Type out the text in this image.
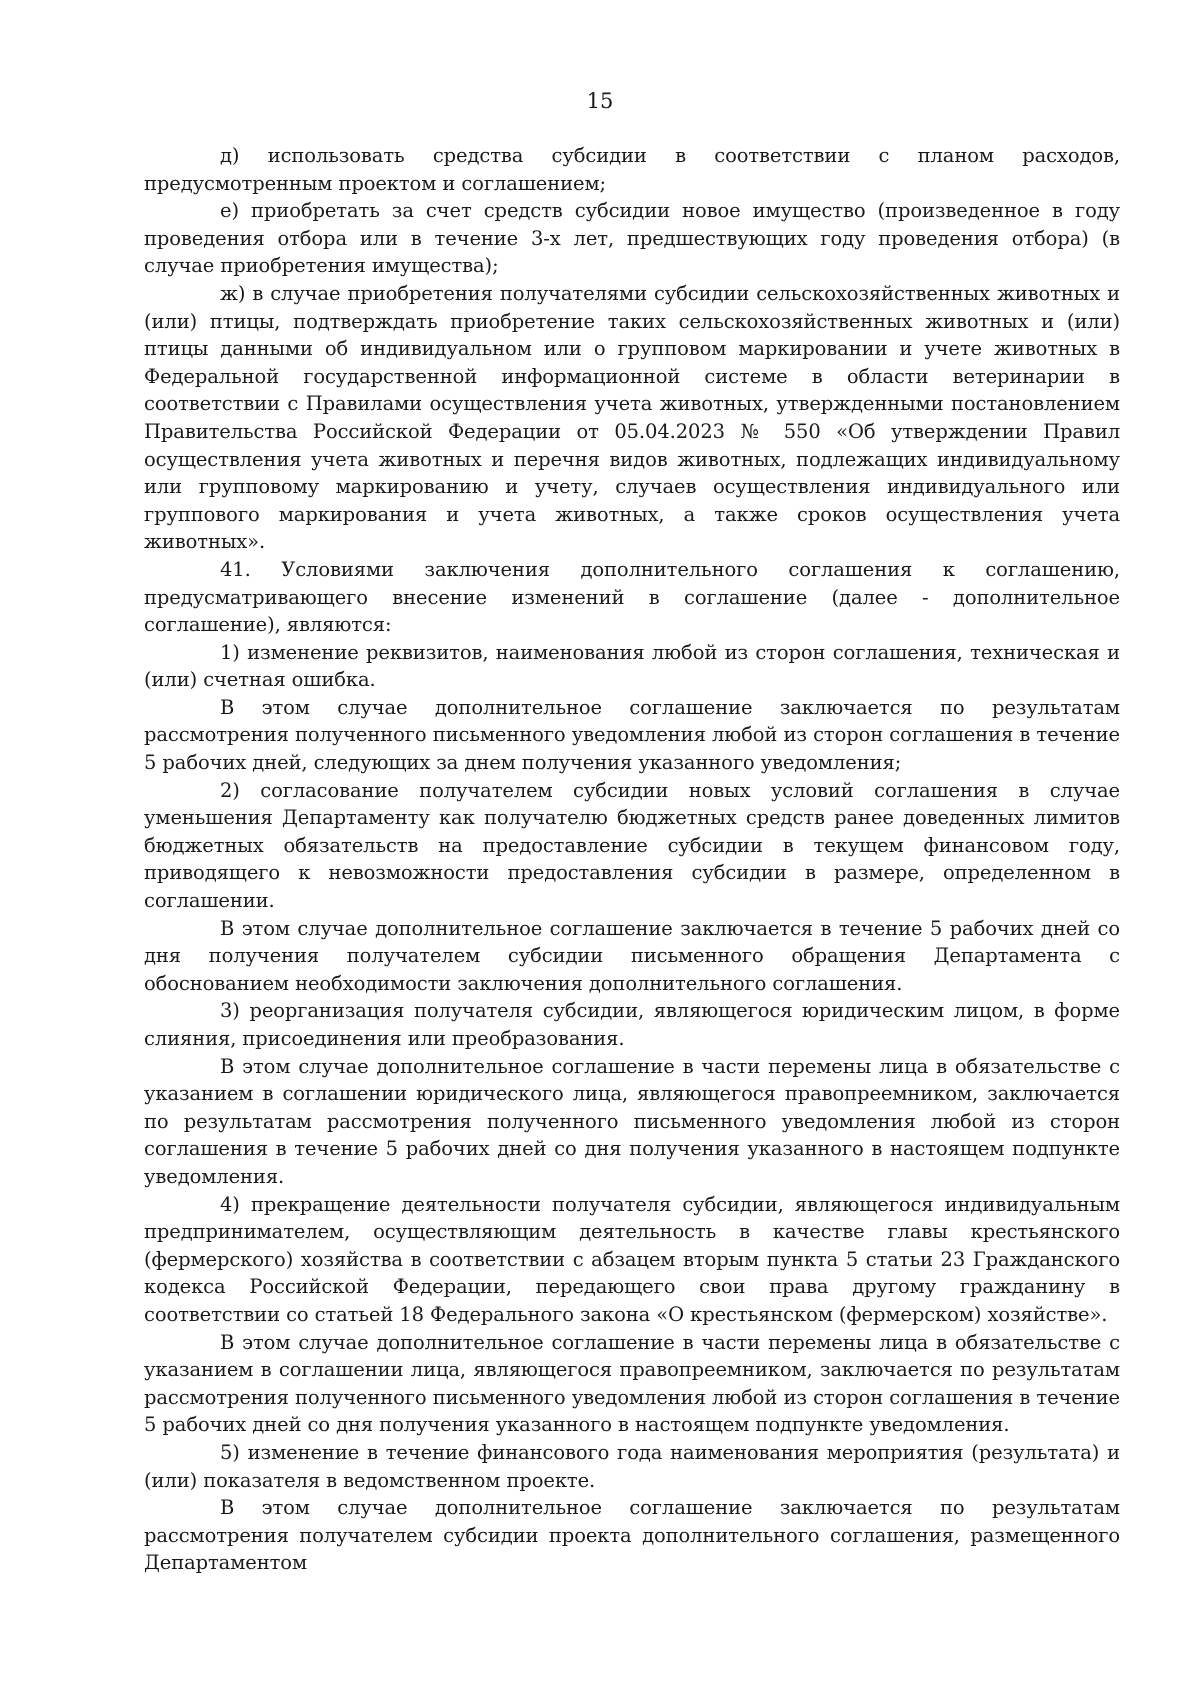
15

д) использовать средства субсидии в соответствии с планом расходов, предусмотренным проектом и соглашением;

е) приобретать за счет средств субсидии новое имущество (произведенное в году проведения отбора или в течение 3-х лет, предшествующих году проведения отбора) (в случае приобретения имущества);

ж) в случае приобретения получателями субсидии сельскохозяйственных животных и (или) птицы, подтверждать приобретение таких сельскохозяйственных животных и (или) птицы данными об индивидуальном или о групповом маркировании и учете животных в Федеральной государственной информационной системе в области ветеринарии в соответствии с Правилами осуществления учета животных, утвержденными постановлением Правительства Российской Федерации от 05.04.2023 № 550 «Об утверждении Правил осуществления учета животных и перечня видов животных, подлежащих индивидуальному или групповому маркированию и учету, случаев осуществления индивидуального или группового маркирования и учета животных, а также сроков осуществления учета животных».

41. Условиями заключения дополнительного соглашения к соглашению, предусматривающего внесение изменений в соглашение (далее - дополнительное соглашение), являются:

1) изменение реквизитов, наименования любой из сторон соглашения, техническая и (или) счетная ошибка.

В этом случае дополнительное соглашение заключается по результатам рассмотрения полученного письменного уведомления любой из сторон соглашения в течение 5 рабочих дней, следующих за днем получения указанного уведомления;

2) согласование получателем субсидии новых условий соглашения в случае уменьшения Департаменту как получателю бюджетных средств ранее доведенных лимитов бюджетных обязательств на предоставление субсидии в текущем финансовом году, приводящего к невозможности предоставления субсидии в размере, определенном в соглашении.

В этом случае дополнительное соглашение заключается в течение 5 рабочих дней со дня получения получателем субсидии письменного обращения Департамента с обоснованием необходимости заключения дополнительного соглашения.

3) реорганизация получателя субсидии, являющегося юридическим лицом, в форме слияния, присоединения или преобразования.

В этом случае дополнительное соглашение в части перемены лица в обязательстве с указанием в соглашении юридического лица, являющегося правопреемником, заключается по результатам рассмотрения полученного письменного уведомления любой из сторон соглашения в течение 5 рабочих дней со дня получения указанного в настоящем подпункте уведомления.

4) прекращение деятельности получателя субсидии, являющегося индивидуальным предпринимателем, осуществляющим деятельность в качестве главы крестьянского (фермерского) хозяйства в соответствии с абзацем вторым пункта 5 статьи 23 Гражданского кодекса Российской Федерации, передающего свои права другому гражданину в соответствии со статьей 18 Федерального закона «О крестьянском (фермерском) хозяйстве».

В этом случае дополнительное соглашение в части перемены лица в обязательстве с указанием в соглашении лица, являющегося правопреемником, заключается по результатам рассмотрения полученного письменного уведомления любой из сторон соглашения в течение 5 рабочих дней со дня получения указанного в настоящем подпункте уведомления.

5) изменение в течение финансового года наименования мероприятия (результата) и (или) показателя в ведомственном проекте.

В этом случае дополнительное соглашение заключается по результатам рассмотрения получателем субсидии проекта дополнительного соглашения, размещенного Департаментом
